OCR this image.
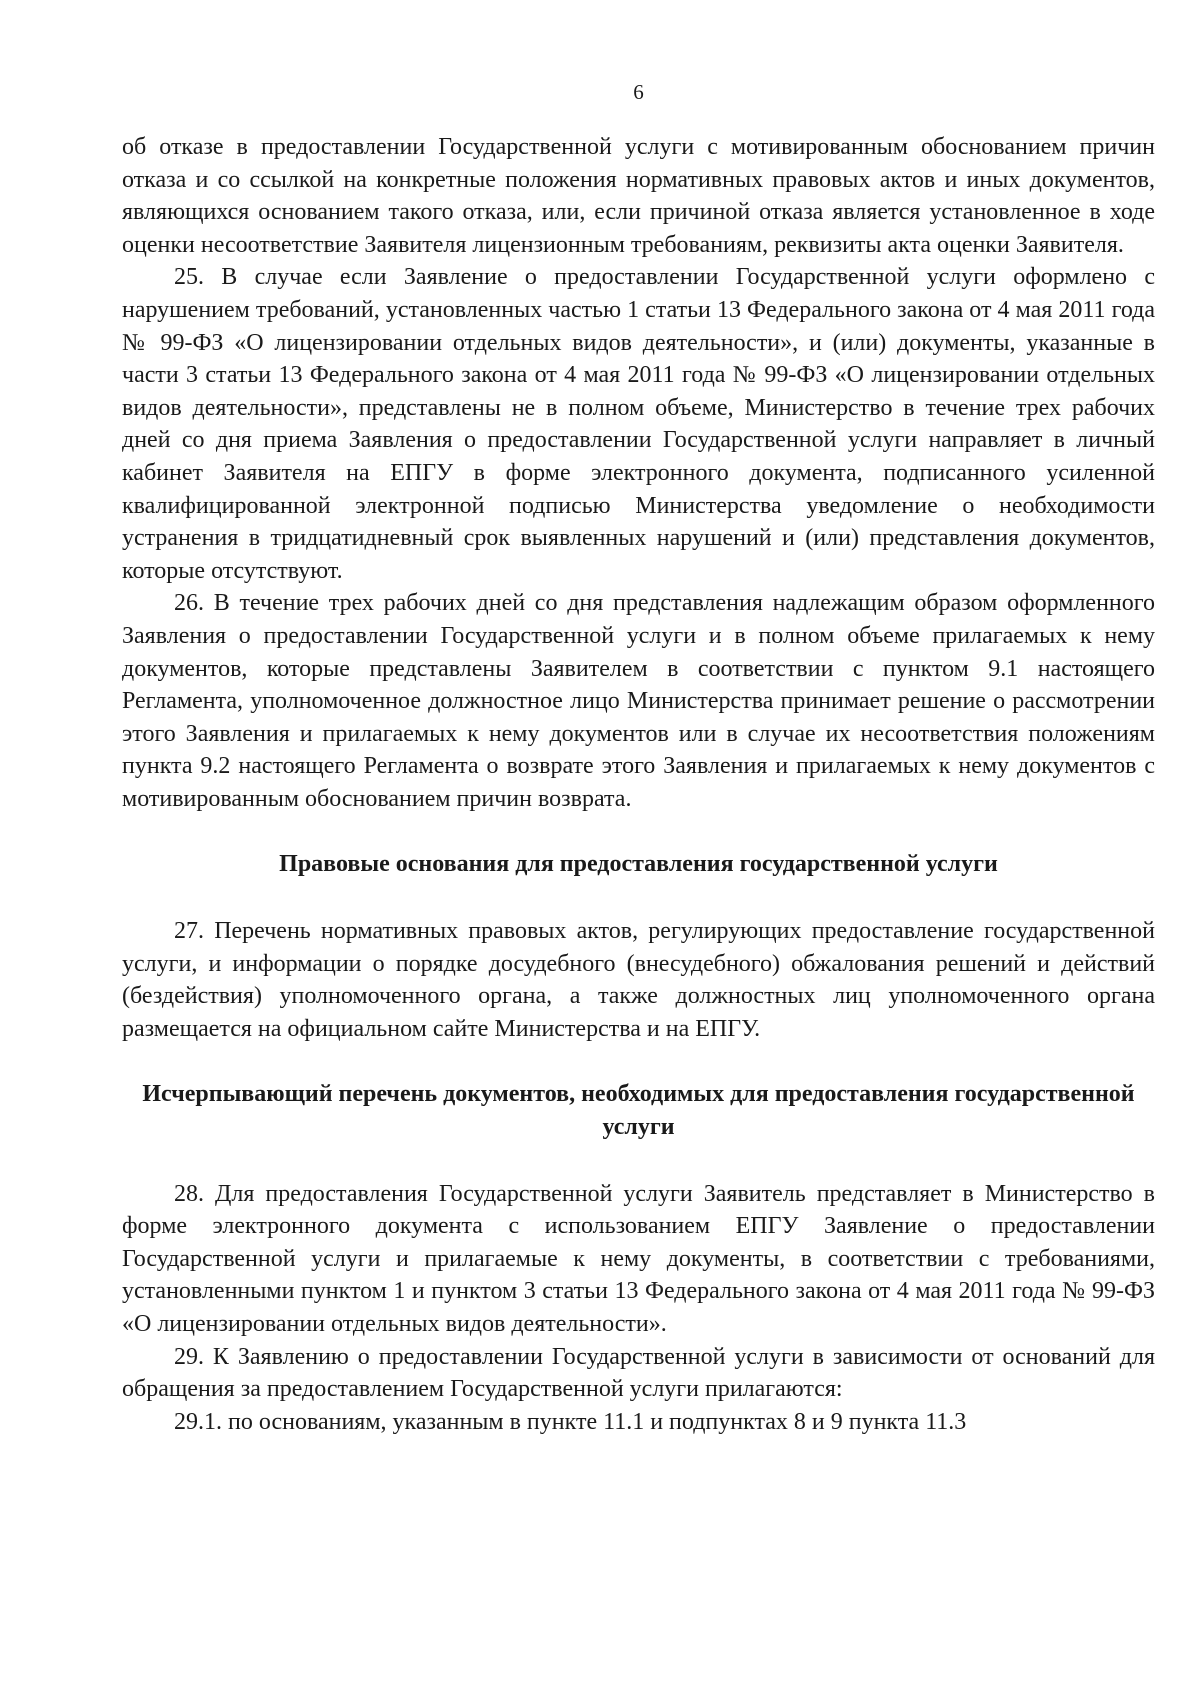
6

об отказе в предоставлении Государственной услуги с мотивированным обоснованием причин отказа и со ссылкой на конкретные положения нормативных правовых актов и иных документов, являющихся основанием такого отказа, или, если причиной отказа является установленное в ходе оценки несоответствие Заявителя лицензионным требованиям, реквизиты акта оценки Заявителя.

25. В случае если Заявление о предоставлении Государственной услуги оформлено с нарушением требований, установленных частью 1 статьи 13 Федерального закона от 4 мая 2011 года № 99-ФЗ «О лицензировании отдельных видов деятельности», и (или) документы, указанные в части 3 статьи 13 Федерального закона от 4 мая 2011 года № 99-ФЗ «О лицензировании отдельных видов деятельности», представлены не в полном объеме, Министерство в течение трех рабочих дней со дня приема Заявления о предоставлении Государственной услуги направляет в личный кабинет Заявителя на ЕПГУ в форме электронного документа, подписанного усиленной квалифицированной электронной подписью Министерства уведомление о необходимости устранения в тридцатидневный срок выявленных нарушений и (или) представления документов, которые отсутствуют.

26. В течение трех рабочих дней со дня представления надлежащим образом оформленного Заявления о предоставлении Государственной услуги и в полном объеме прилагаемых к нему документов, которые представлены Заявителем в соответствии с пунктом 9.1 настоящего Регламента, уполномоченное должностное лицо Министерства принимает решение о рассмотрении этого Заявления и прилагаемых к нему документов или в случае их несоответствия положениям пункта 9.2 настоящего Регламента о возврате этого Заявления и прилагаемых к нему документов с мотивированным обоснованием причин возврата.

Правовые основания для предоставления государственной услуги

27. Перечень нормативных правовых актов, регулирующих предоставление государственной услуги, и информации о порядке досудебного (внесудебного) обжалования решений и действий (бездействия) уполномоченного органа, а также должностных лиц уполномоченного органа размещается на официальном сайте Министерства и на ЕПГУ.

Исчерпывающий перечень документов, необходимых для предоставления государственной услуги

28. Для предоставления Государственной услуги Заявитель представляет в Министерство в форме электронного документа с использованием ЕПГУ Заявление о предоставлении Государственной услуги и прилагаемые к нему документы, в соответствии с требованиями, установленными пунктом 1 и пунктом 3 статьи 13 Федерального закона от 4 мая 2011 года № 99-ФЗ «О лицензировании отдельных видов деятельности».

29. К Заявлению о предоставлении Государственной услуги в зависимости от оснований для обращения за предоставлением Государственной услуги прилагаются:

29.1. по основаниям, указанным в пункте 11.1 и подпунктах 8 и 9 пункта 11.3
